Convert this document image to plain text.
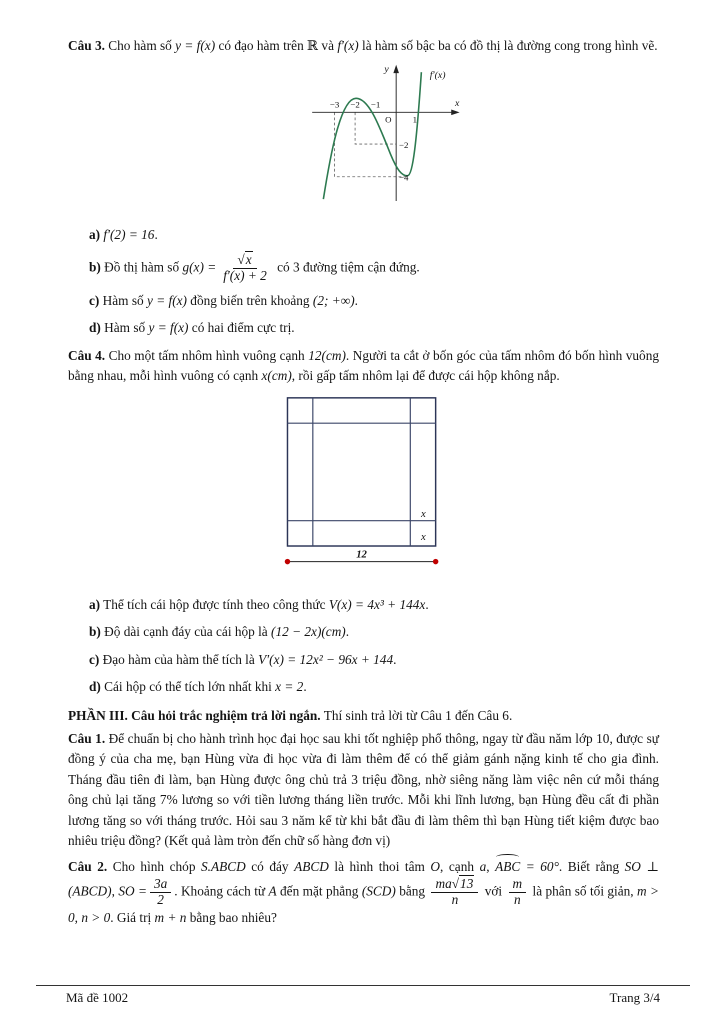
Câu 3. Cho hàm số y = f(x) có đạo hàm trên ℝ và f′(x) là hàm số bậc ba có đồ thị là đường cong trong hình vẽ.

y
x
f′(x)
−3 −2 −1
O 1
−2
−4

a) f′(2) = 16.

b) Đồ thị hàm số $g(x) = \frac{√x}{f'(x) + 2}$ có 3 đường tiệm cận đứng.

c) Hàm số y = f(x) đồng biến trên khoảng (2; +∞).

d) Hàm số y = f(x) có hai điểm cực trị.

Câu 4. Cho một tấm nhôm hình vuông cạnh 12(cm). Người ta cắt ở bốn góc của tấm nhôm đó bốn hình vuông bằng nhau, mỗi hình vuông có cạnh x(cm), rồi gấp tấm nhôm lại để được cái hộp không nắp.

x
x
12

a) Thể tích cái hộp được tính theo công thức V(x) = 4x³ + 144x.

b) Độ dài cạnh đáy của cái hộp là (12 − 2x)(cm).

c) Đạo hàm của hàm thể tích là V′(x) = 12x² − 96x + 144.

d) Cái hộp có thể tích lớn nhất khi x = 2.

PHẦN III. Câu hỏi trắc nghiệm trả lời ngắn. Thí sinh trả lời từ Câu 1 đến Câu 6.

Câu 1. Để chuẩn bị cho hành trình học đại học sau khi tốt nghiệp phổ thông, ngay từ đầu năm lớp 10, được sự đồng ý của cha mẹ, bạn Hùng vừa đi học vừa đi làm thêm để có thể giảm gánh nặng kinh tế cho gia đình. Tháng đầu tiên đi làm, bạn Hùng được ông chủ trả 3 triệu đồng, nhờ siêng năng làm việc nên cứ mỗi tháng ông chủ lại tăng 7% lương so với tiền lương tháng liền trước. Mỗi khi lĩnh lương, bạn Hùng đều cất đi phần lương tăng so với tháng trước. Hỏi sau 3 năm kể từ khi bắt đầu đi làm thêm thì bạn Hùng tiết kiệm được bao nhiêu triệu đồng? (Kết quả làm tròn đến chữ số hàng đơn vị)

Câu 2. Cho hình chóp S.ABCD có đáy ABCD là hình thoi tâm O, cạnh a, ABC = 60°. Biết rằng SO ⊥ (ABCD), SO = $\frac{3a}{2}$ . Khoảng cách từ A đến mặt phẳng (SCD) bằng $\frac{ma√13}{n}$ với $\frac{m}{n}$ là phân số tối giản, m > 0, n > 0. Giá trị m + n bằng bao nhiêu?

Mã đề 1002	Trang 3/4
